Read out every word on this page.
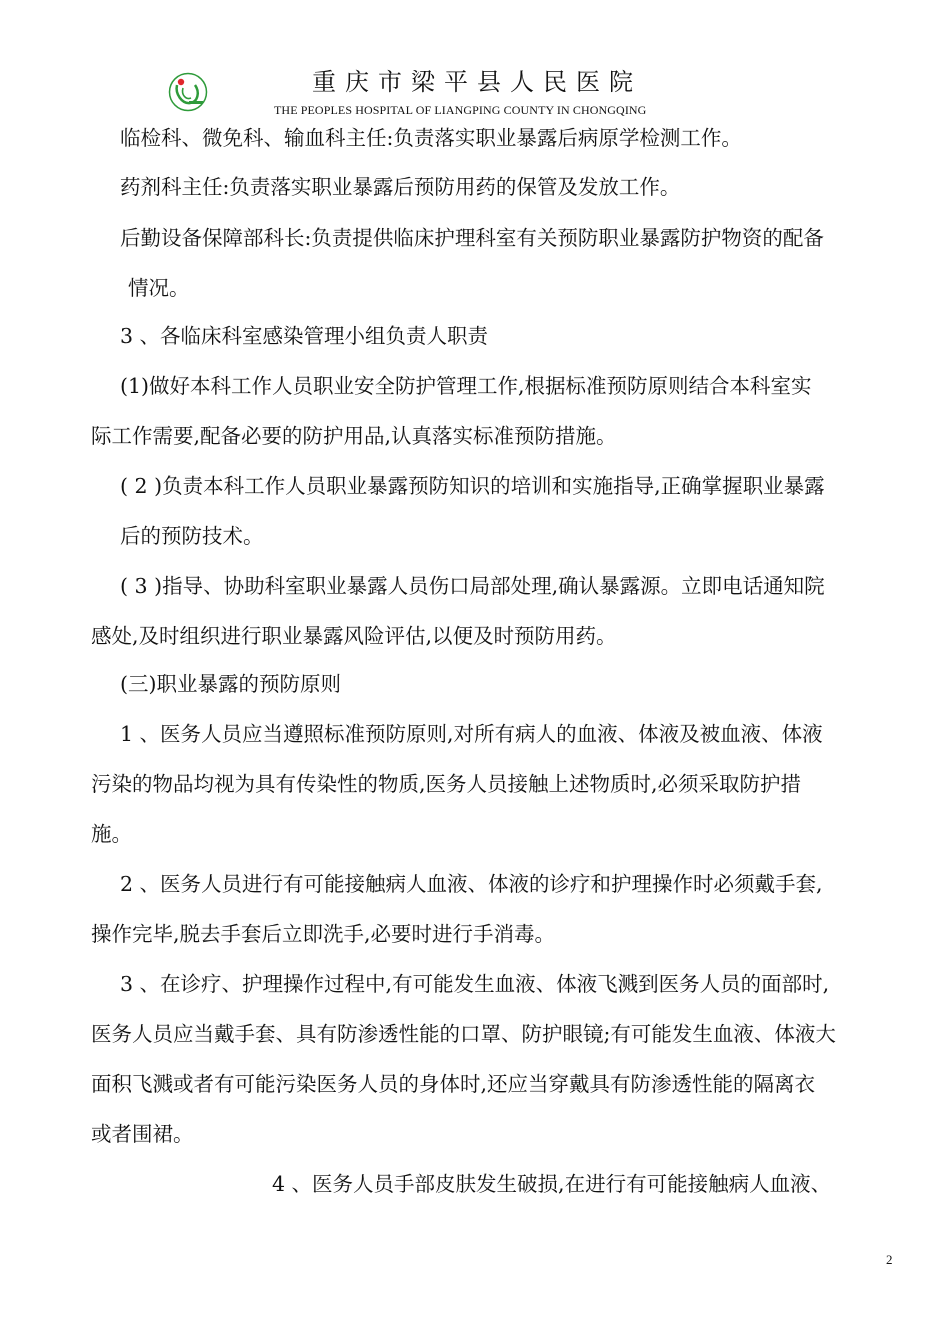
重庆市梁平县人民医院
THE PEOPLES HOSPITAL OF LIANGPING COUNTY IN CHONGQING
临检科、微免科、输血科主任:负责落实职业暴露后病原学检测工作。
药剂科主任:负责落实职业暴露后预防用药的保管及发放工作。
后勤设备保障部科长:负责提供临床护理科室有关预防职业暴露防护物资的配备
情况。
3 、各临床科室感染管理小组负责人职责
(1)做好本科工作人员职业安全防护管理工作,根据标准预防原则结合本科室实
际工作需要,配备必要的防护用品,认真落实标准预防措施。
( 2 )负责本科工作人员职业暴露预防知识的培训和实施指导,正确掌握职业暴露
后的预防技术。
( 3 )指导、协助科室职业暴露人员伤口局部处理,确认暴露源。立即电话通知院
感处,及时组织进行职业暴露风险评估,以便及时预防用药。
(三)职业暴露的预防原则
1 、医务人员应当遵照标准预防原则,对所有病人的血液、体液及被血液、体液
污染的物品均视为具有传染性的物质,医务人员接触上述物质时,必须采取防护措
施。
2 、医务人员进行有可能接触病人血液、体液的诊疗和护理操作时必须戴手套,
操作完毕,脱去手套后立即洗手,必要时进行手消毒。
3 、在诊疗、护理操作过程中,有可能发生血液、体液飞溅到医务人员的面部时,
医务人员应当戴手套、具有防渗透性能的口罩、防护眼镜;有可能发生血液、体液大
面积飞溅或者有可能污染医务人员的身体时,还应当穿戴具有防渗透性能的隔离衣
或者围裙。
4 、医务人员手部皮肤发生破损,在进行有可能接触病人血液、
2
